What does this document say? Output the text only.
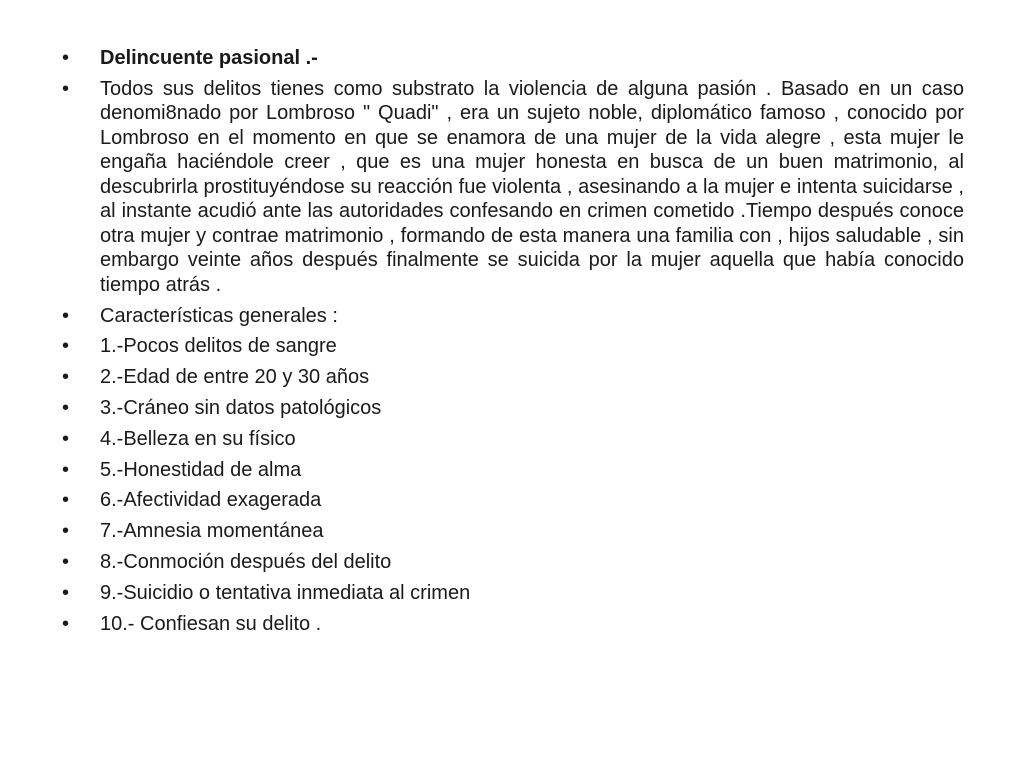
• Delincuente pasional .-
• Todos sus delitos tienes como substrato la violencia de alguna pasión . Basado en un caso denomi8nado por Lombroso " Quadi" , era un sujeto noble, diplomático famoso , conocido por Lombroso en el momento en que se enamora de una mujer de la vida alegre , esta mujer le engaña haciéndole creer , que es una mujer honesta en busca de un buen matrimonio, al descubrirla prostituyéndose su reacción fue violenta , asesinando a la mujer e intenta suicidarse , al instante acudió ante las autoridades confesando en crimen cometido .Tiempo después conoce otra mujer y contrae matrimonio , formando de esta manera una familia con , hijos saludable , sin embargo veinte años después finalmente se suicida por la mujer aquella que había conocido tiempo atrás .
• Características generales :
• 1.-Pocos delitos de sangre
• 2.-Edad de entre 20 y 30 años
• 3.-Cráneo sin datos patológicos
• 4.-Belleza en su físico
• 5.-Honestidad de alma
• 6.-Afectividad exagerada
• 7.-Amnesia momentánea
• 8.-Conmoción después del delito
• 9.-Suicidio o tentativa inmediata al crimen
• 10.- Confiesan su delito .
